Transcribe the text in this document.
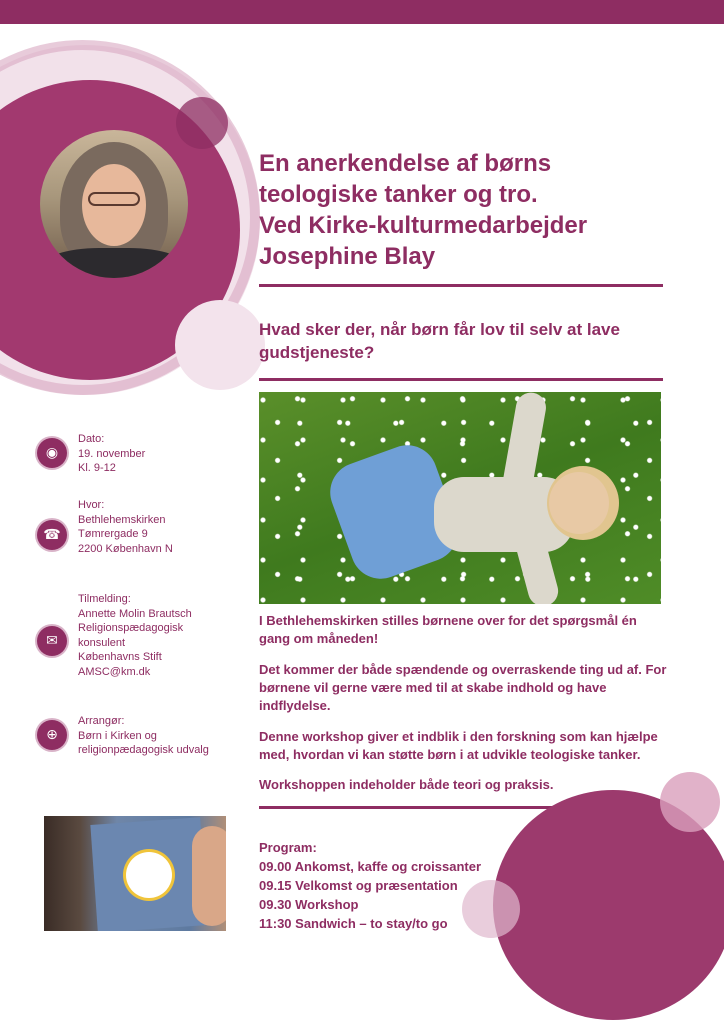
En anerkendelse af børns
teologiske tanker og tro.
Ved Kirke-kulturmedarbejder
Josephine Blay

Hvad sker der, når børn får lov til selv at lave gudstjeneste?

I Bethlehemskirken stilles børnene over for det spørgsmål én gang om måneden!

Det kommer der både spændende og overraskende ting ud af. For børnene vil gerne være med til at skabe indhold og have indflydelse.

Denne workshop giver et indblik i den forskning som kan hjælpe med, hvordan vi kan støtte børn i at udvikle teologiske tanker.

Workshoppen indeholder både teori og praksis.

Program:
09.00 Ankomst, kaffe og croissanter
09.15 Velkomst og præsentation
09.30 Workshop
11:30 Sandwich – to stay/to go
◉
Dato:
19. november
Kl. 9-12
☎
Hvor:
Bethlehemskirken
Tømrergade 9
2200 København N
✉
Tilmelding:
Annette Molin Brautsch
Religionspædagogisk
konsulent
Københavns Stift
AMSC@km.dk
⊕
Arrangør:
Børn i Kirken og
religionpædagogisk udvalg
